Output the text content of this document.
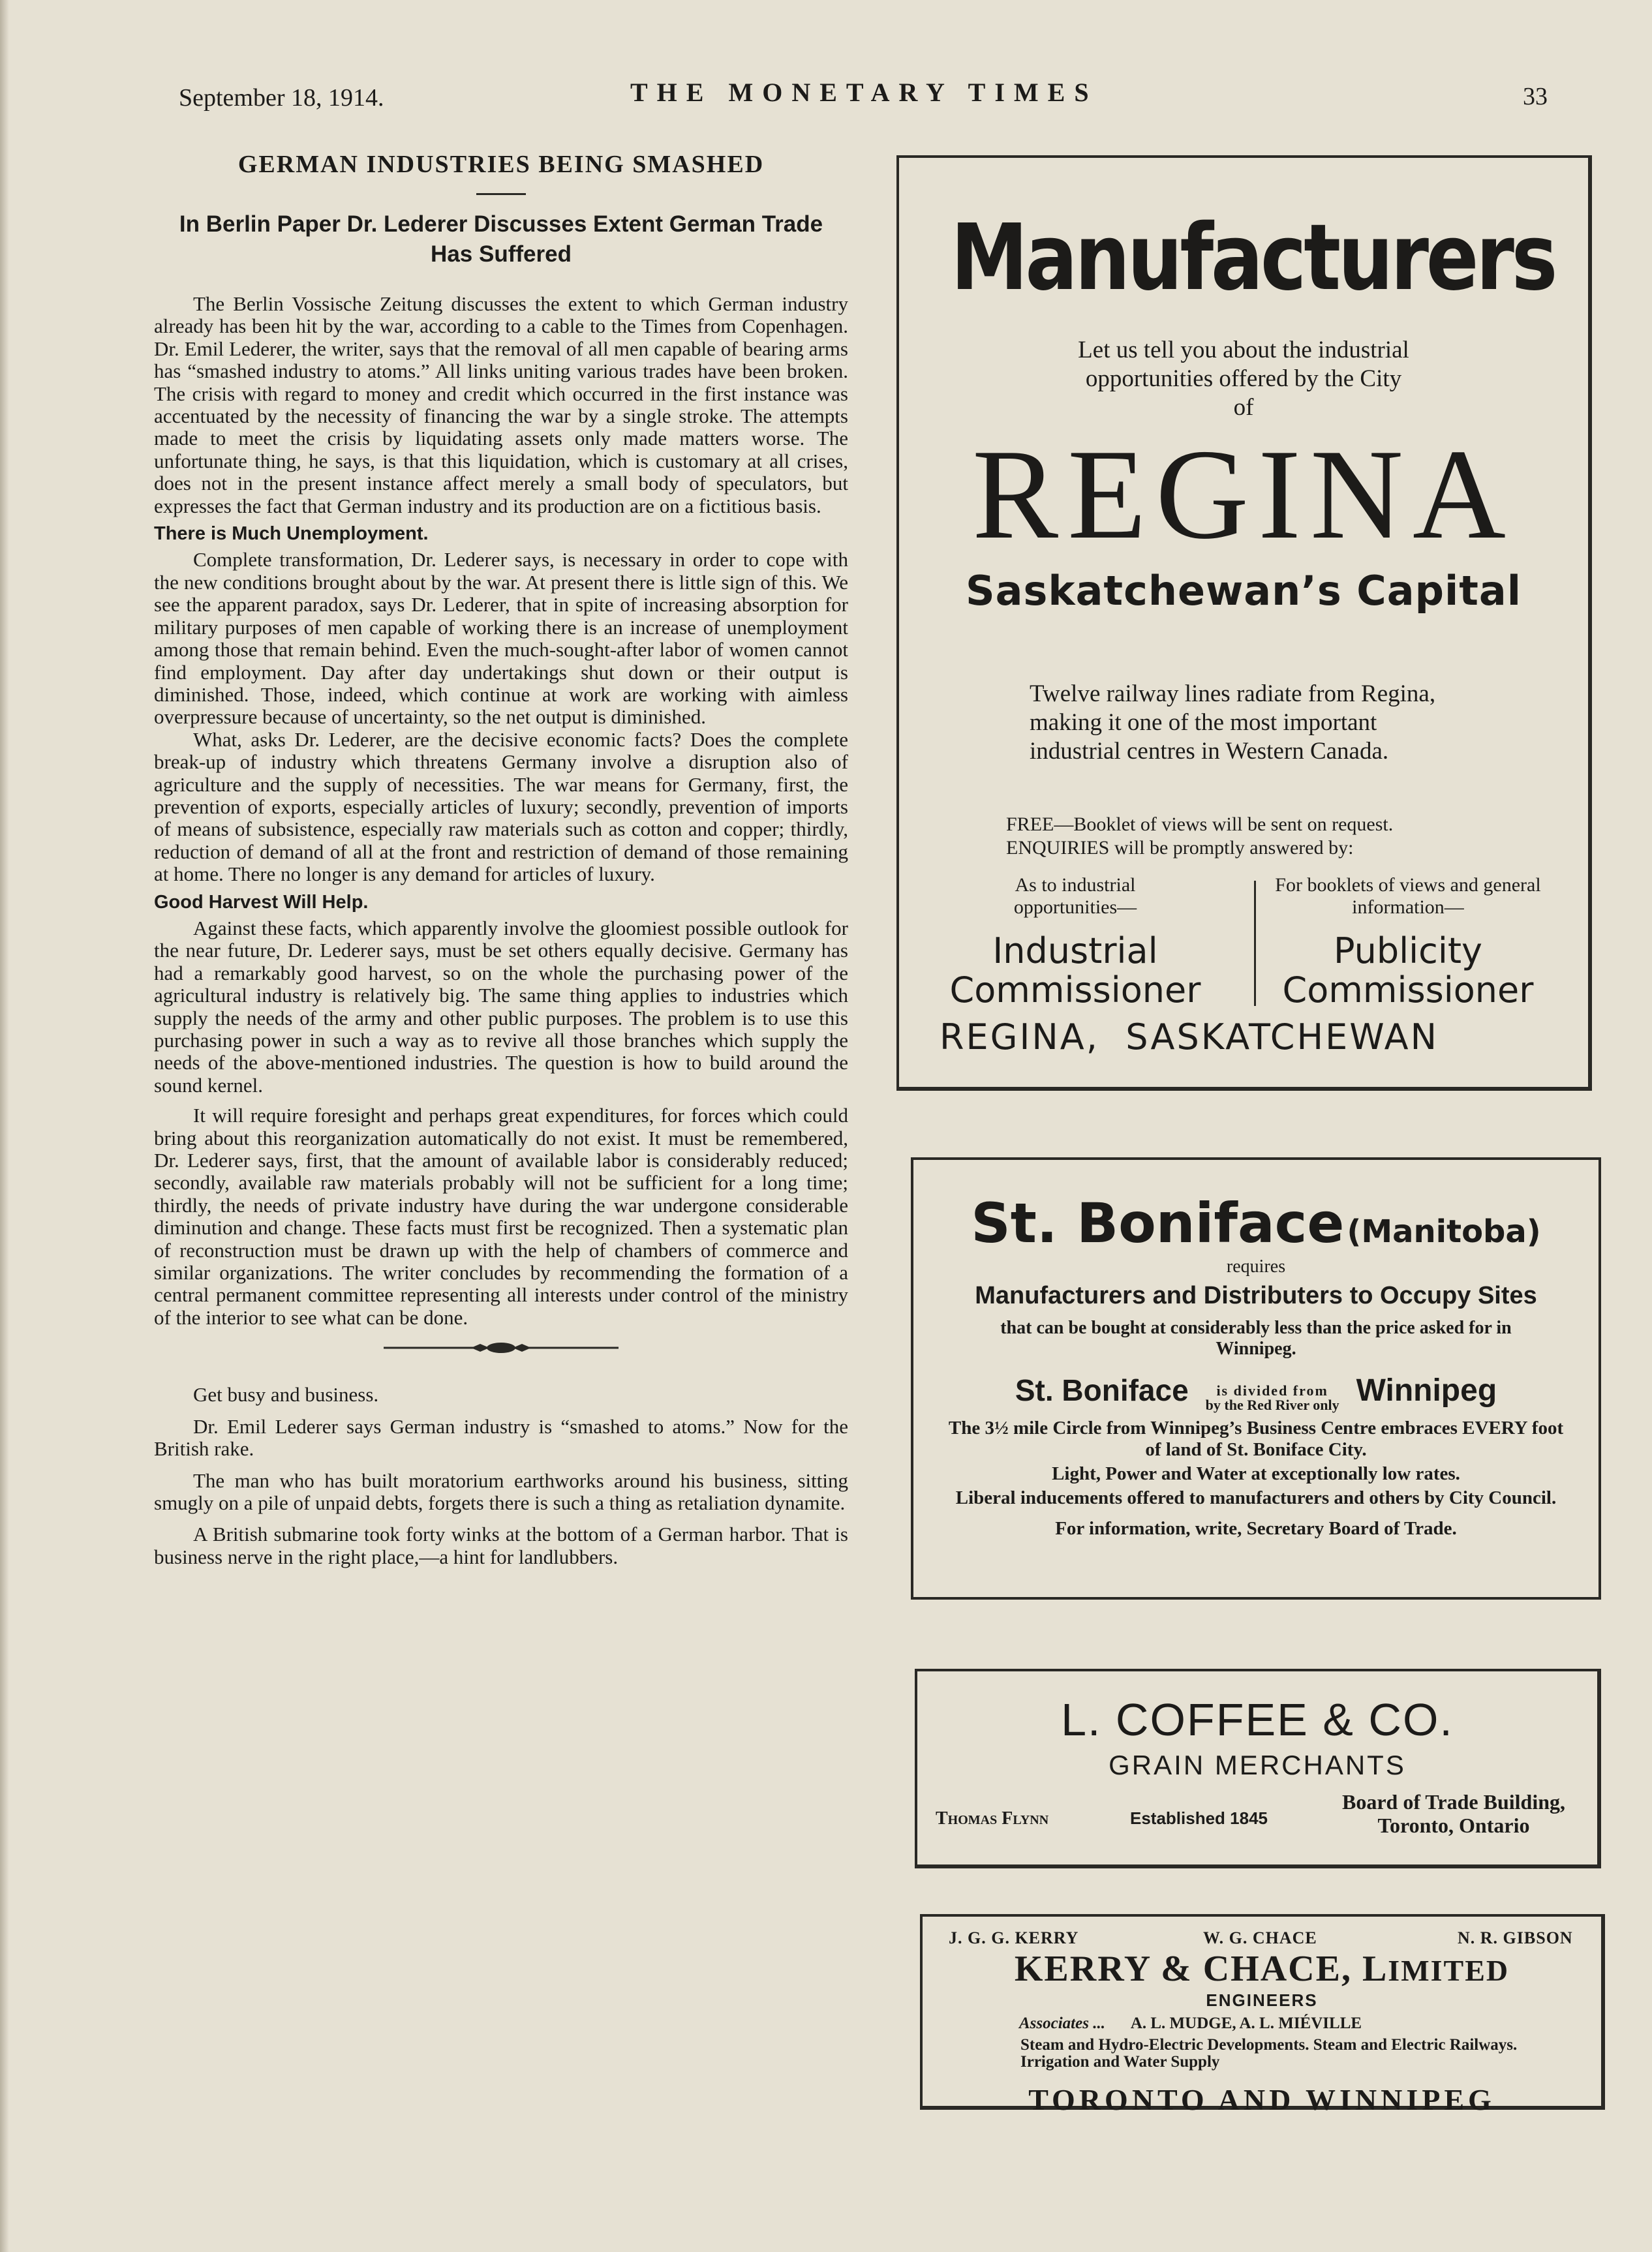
September 18, 1914.	THE MONETARY TIMES	33
GERMAN INDUSTRIES BEING SMASHED
In Berlin Paper Dr. Lederer Discusses Extent German Trade Has Suffered

The Berlin Vossische Zeitung discusses the extent to which German industry already has been hit by the war, according to a cable to the Times from Copenhagen. Dr. Emil Lederer, the writer, says that the removal of all men capable of bearing arms has “smashed industry to atoms.” All links uniting various trades have been broken. The crisis with regard to money and credit which occurred in the first instance was accentuated by the necessity of financing the war by a single stroke. The attempts made to meet the crisis by liquidating assets only made matters worse. The unfortunate thing, he says, is that this liquidation, which is customary at all crises, does not in the present instance affect merely a small body of speculators, but expresses the fact that German industry and its production are on a fictitious basis.

There is Much Unemployment.

Complete transformation, Dr. Lederer says, is necessary in order to cope with the new conditions brought about by the war. At present there is little sign of this. We see the apparent paradox, says Dr. Lederer, that in spite of increasing absorption for military purposes of men capable of working there is an increase of unemployment among those that remain behind. Even the much-sought-after labor of women cannot find employment. Day after day undertakings shut down or their output is diminished. Those, indeed, which continue at work are working with aimless overpressure because of uncertainty, so the net output is diminished.

What, asks Dr. Lederer, are the decisive economic facts? Does the complete break-up of industry which threatens Germany involve a disruption also of agriculture and the supply of necessities. The war means for Germany, first, the prevention of exports, especially articles of luxury; secondly, prevention of imports of means of subsistence, especially raw materials such as cotton and copper; thirdly, reduction of demand of all at the front and restriction of demand of those remaining at home. There no longer is any demand for articles of luxury.

Good Harvest Will Help.

Against these facts, which apparently involve the gloomiest possible outlook for the near future, Dr. Lederer says, must be set others equally decisive. Germany has had a remarkably good harvest, so on the whole the purchasing power of the agricultural industry is relatively big. The same thing applies to industries which supply the needs of the army and other public purposes. The problem is to use this purchasing power in such a way as to revive all those branches which supply the needs of the above-mentioned industries. The question is how to build around the sound kernel.

It will require foresight and perhaps great expenditures, for forces which could bring about this reorganization automatically do not exist. It must be remembered, Dr. Lederer says, first, that the amount of available labor is considerably reduced; secondly, available raw materials probably will not be sufficient for a long time; thirdly, the needs of private industry have during the war undergone considerable diminution and change. These facts must first be recognized. Then a systematic plan of reconstruction must be drawn up with the help of chambers of commerce and similar organizations. The writer concludes by recommending the formation of a central permanent committee representing all interests under control of the ministry of the interior to see what can be done.

Get busy and business.

Dr. Emil Lederer says German industry is “smashed to atoms.” Now for the British rake.

The man who has built moratorium earthworks around his business, sitting smugly on a pile of unpaid debts, forgets there is such a thing as retaliation dynamite.

A British submarine took forty winks at the bottom of a German harbor. That is business nerve in the right place,—a hint for landlubbers.

Manufacturers
Let us tell you about the industrial opportunities offered by the City of
REGINA
Saskatchewan’s Capital
Twelve railway lines radiate from Regina, making it one of the most important industrial centres in Western Canada.
FREE—Booklet of views will be sent on request.
ENQUIRIES will be promptly answered by:
As to industrial opportunities—
Industrial
Commissioner
For booklets of views and general information—
Publicity
Commissioner
REGINA,  SASKATCHEWAN
St. Boniface (Manitoba)
requires
Manufacturers and Distributers to Occupy Sites
that can be bought at considerably less than the price asked for in Winnipeg.
St. Boniface is divided from
by the Red River only Winnipeg
The 3½ mile Circle from Winnipeg’s Business Centre embraces EVERY foot of land of St. Boniface City.
Light, Power and Water at exceptionally low rates.
Liberal inducements offered to manufacturers and others by City Council.
For information, write, Secretary Board of Trade.
L. COFFEE & CO.
GRAIN MERCHANTS
Thomas Flynn	Established 1845
Board of Trade Building, Toronto, Ontario
J. G. G. KERRY	W. G. CHACE	N. R. GIBSON
KERRY & CHACE, LIMITED
ENGINEERS
Associates ... A. L. MUDGE, A. L. MIÉVILLE
Steam and Hydro-Electric Developments. Steam and Electric Railways. Irrigation and Water Supply
TORONTO AND WINNIPEG
